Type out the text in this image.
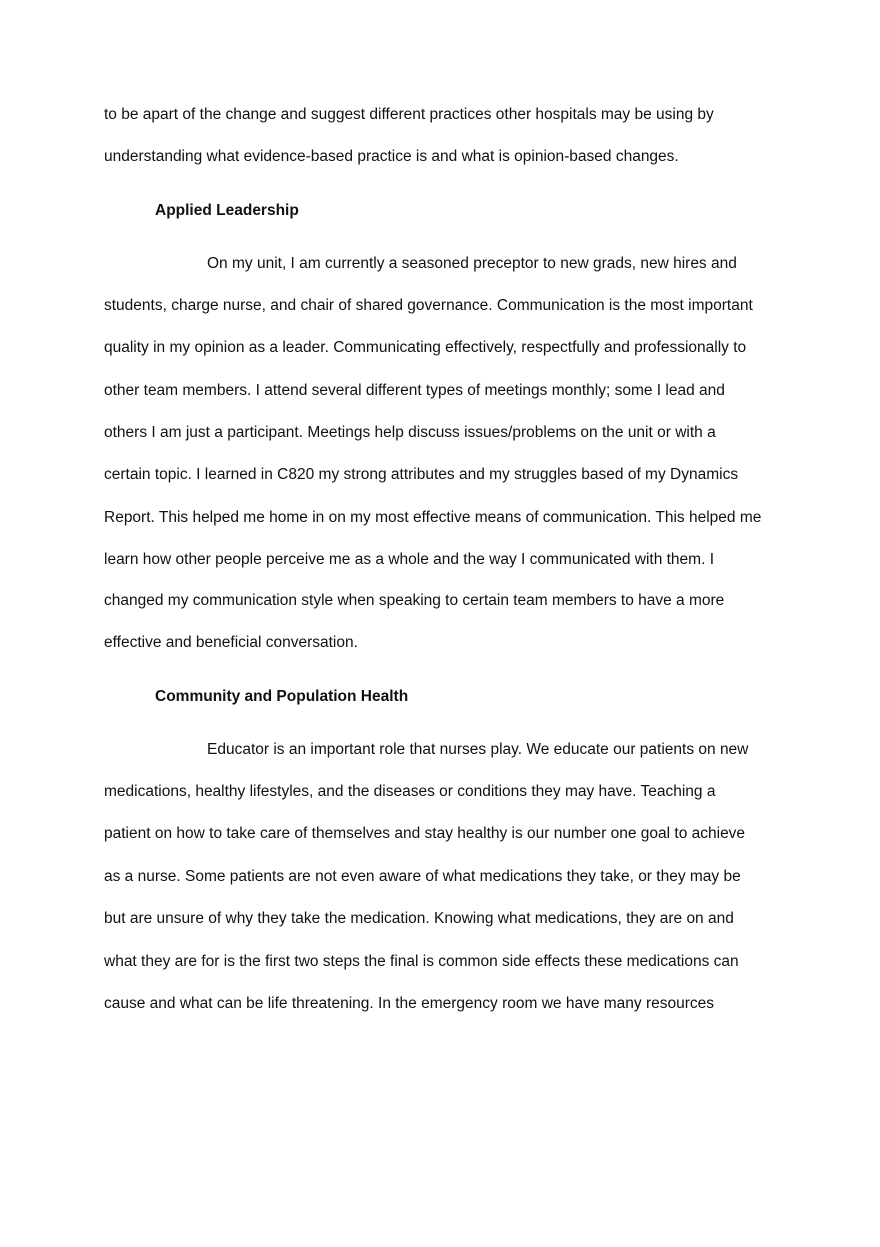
to be apart of the change and suggest different practices other hospitals may be using by
understanding what evidence-based practice is and what is opinion-based changes.
Applied Leadership
On my unit, I am currently a seasoned preceptor to new grads, new hires and
students, charge nurse, and chair of shared governance. Communication is the most important
quality in my opinion as a leader. Communicating effectively, respectfully and professionally to
other team members. I attend several different types of meetings monthly; some I lead and
others I am just a participant. Meetings help discuss issues/problems on the unit or with a
certain topic. I learned in C820 my strong attributes and my struggles based of my Dynamics
Report. This helped me home in on my most effective means of communication. This helped me
learn how other people perceive me as a whole and the way I communicated with them. I
changed my communication style when speaking to certain team members to have a more
effective and beneficial conversation.
Community and Population Health
Educator is an important role that nurses play. We educate our patients on new
medications, healthy lifestyles, and the diseases or conditions they may have. Teaching a
patient on how to take care of themselves and stay healthy is our number one goal to achieve
as a nurse. Some patients are not even aware of what medications they take, or they may be
but are unsure of why they take the medication. Knowing what medications, they are on and
what they are for is the first two steps the final is common side effects these medications can
cause and what can be life threatening. In the emergency room we have many resources
